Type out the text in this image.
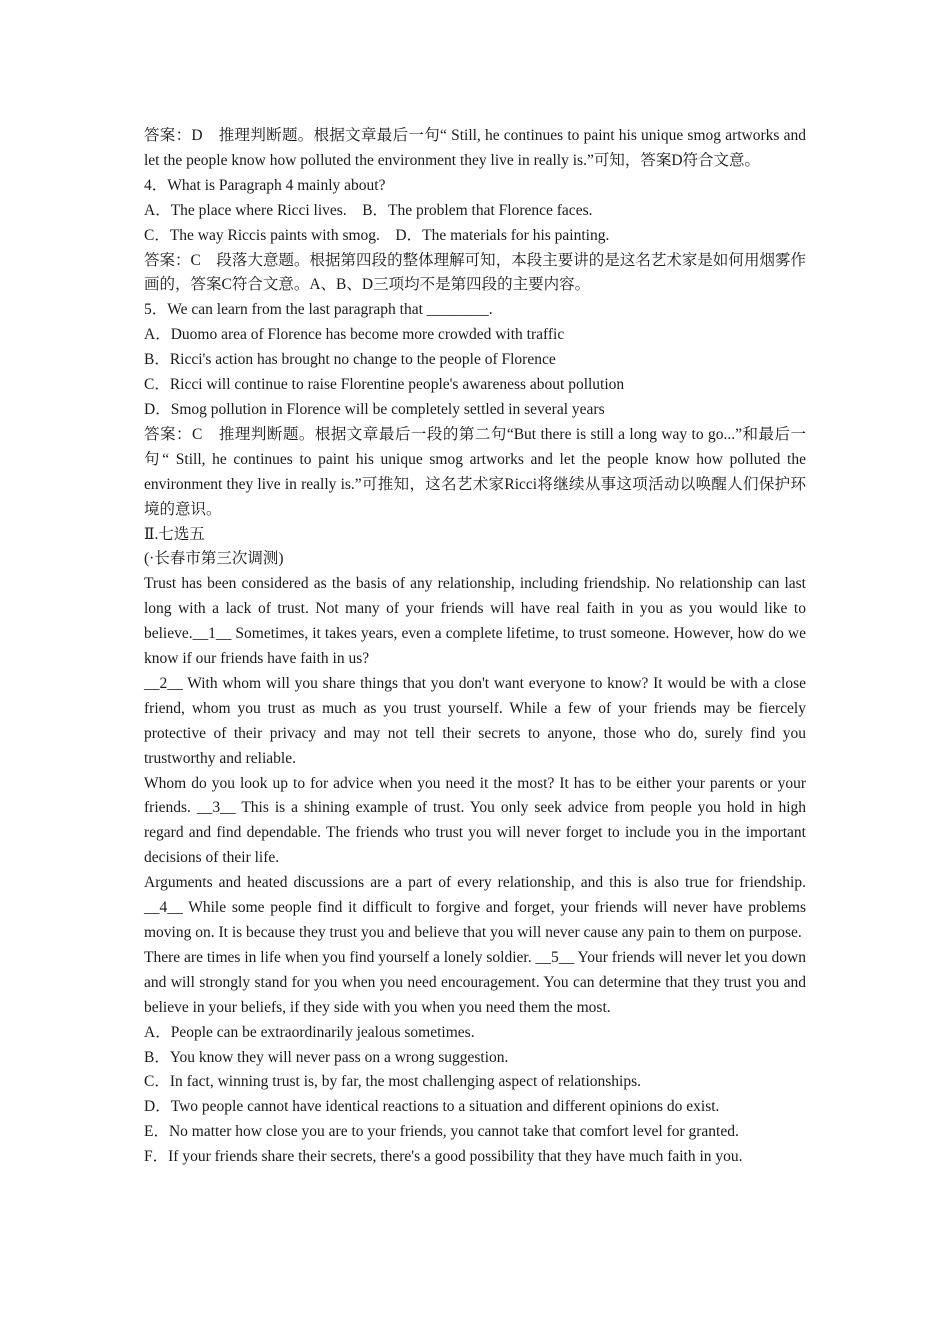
答案：D　推理判断题。根据文章最后一句“ Still, he continues to paint his unique smog artworks and let the people know how polluted the environment they live in really is.”可知，答案D符合文意。

4．What is Paragraph 4 mainly about?

A．The place where Ricci lives.　B．The problem that Florence faces.

C．The way Riccis paints with smog.　D．The materials for his painting.

答案：C　段落大意题。根据第四段的整体理解可知，本段主要讲的是这名艺术家是如何用烟雾作画的，答案C符合文意。A、B、D三项均不是第四段的主要内容。

5．We can learn from the last paragraph that ________.

A．Duomo area of Florence has become more crowded with traffic

B．Ricci's action has brought no change to the people of Florence

C．Ricci will continue to raise Florentine people's awareness about pollution

D．Smog pollution in Florence will be completely settled in several years

答案：C　推理判断题。根据文章最后一段的第二句“But there is still a long way to go...”和最后一句“ Still, he continues to paint his unique smog artworks and let the people know how polluted the environment they live in really is.”可推知，这名艺术家Ricci将继续从事这项活动以唤醒人们保护环境的意识。

Ⅱ.七选五

(·长春市第三次调测)

Trust has been considered as the basis of any relationship, including friendship. No relationship can last long with a lack of trust. Not many of your friends will have real faith in you as you would like to believe.__1__ Sometimes, it takes years, even a complete lifetime, to trust someone. However, how do we know if our friends have faith in us?

__2__ With whom will you share things that you don't want everyone to know? It would be with a close friend, whom you trust as much as you trust yourself. While a few of your friends may be fiercely protective of their privacy and may not tell their secrets to anyone, those who do, surely find you trustworthy and reliable.

Whom do you look up to for advice when you need it the most? It has to be either your parents or your friends. __3__ This is a shining example of trust. You only seek advice from people you hold in high regard and find dependable. The friends who trust you will never forget to include you in the important decisions of their life.

Arguments and heated discussions are a part of every relationship, and this is also true for friendship. __4__ While some people find it difficult to forgive and forget, your friends will never have problems moving on. It is because they trust you and believe that you will never cause any pain to them on purpose.

There are times in life when you find yourself a lonely soldier. __5__ Your friends will never let you down and will strongly stand for you when you need encouragement. You can determine that they trust you and believe in your beliefs, if they side with you when you need them the most.

A．People can be extraordinarily jealous sometimes.

B．You know they will never pass on a wrong suggestion.

C．In fact, winning trust is, by far, the most challenging aspect of relationships.

D．Two people cannot have identical reactions to a situation and different opinions do exist.

E．No matter how close you are to your friends, you cannot take that comfort level for granted.

F．If your friends share their secrets, there's a good possibility that they have much faith in you.
